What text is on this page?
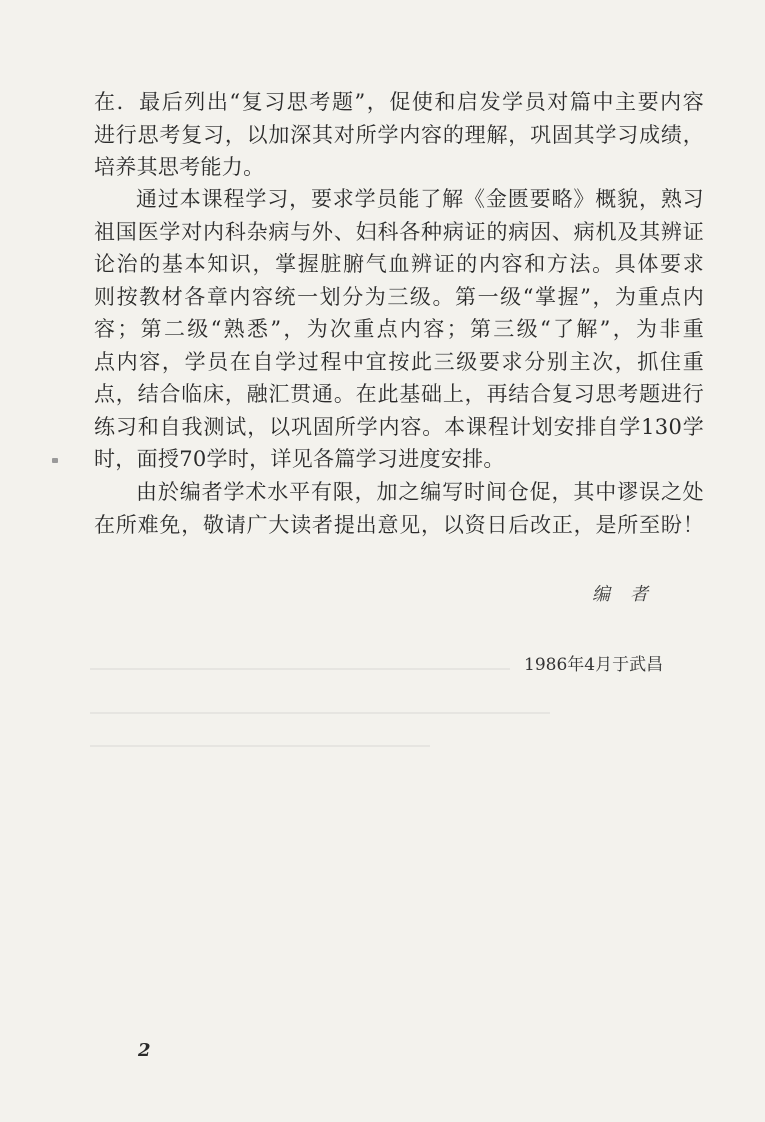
在．最后列出“复习思考题”，促使和启发学员对篇中主要内容
进行思考复习，以加深其对所学内容的理解，巩固其学习成绩，
培养其思考能力。
通过本课程学习，要求学员能了解《金匮要略》概貌，熟习
祖国医学对内科杂病与外、妇科各种病证的病因、病机及其辨证
论治的基本知识，掌握脏腑气血辨证的内容和方法。具体要求
则按教材各章内容统一划分为三级。第一级“掌握”，为重点内
容；第二级“熟悉”，为次重点内容；第三级“了解”，为非重
点内容，学员在自学过程中宜按此三级要求分别主次，抓住重
点，结合临床，融汇贯通。在此基础上，再结合复习思考题进行
练习和自我测试，以巩固所学内容。本课程计划安排自学130学
时，面授70学时，详见各篇学习进度安排。
由於编者学术水平有限，加之编写时间仓促，其中谬误之处
在所难免，敬请广大读者提出意见，以资日后改正，是所至盼！
编者
1986年4月于武昌
2
